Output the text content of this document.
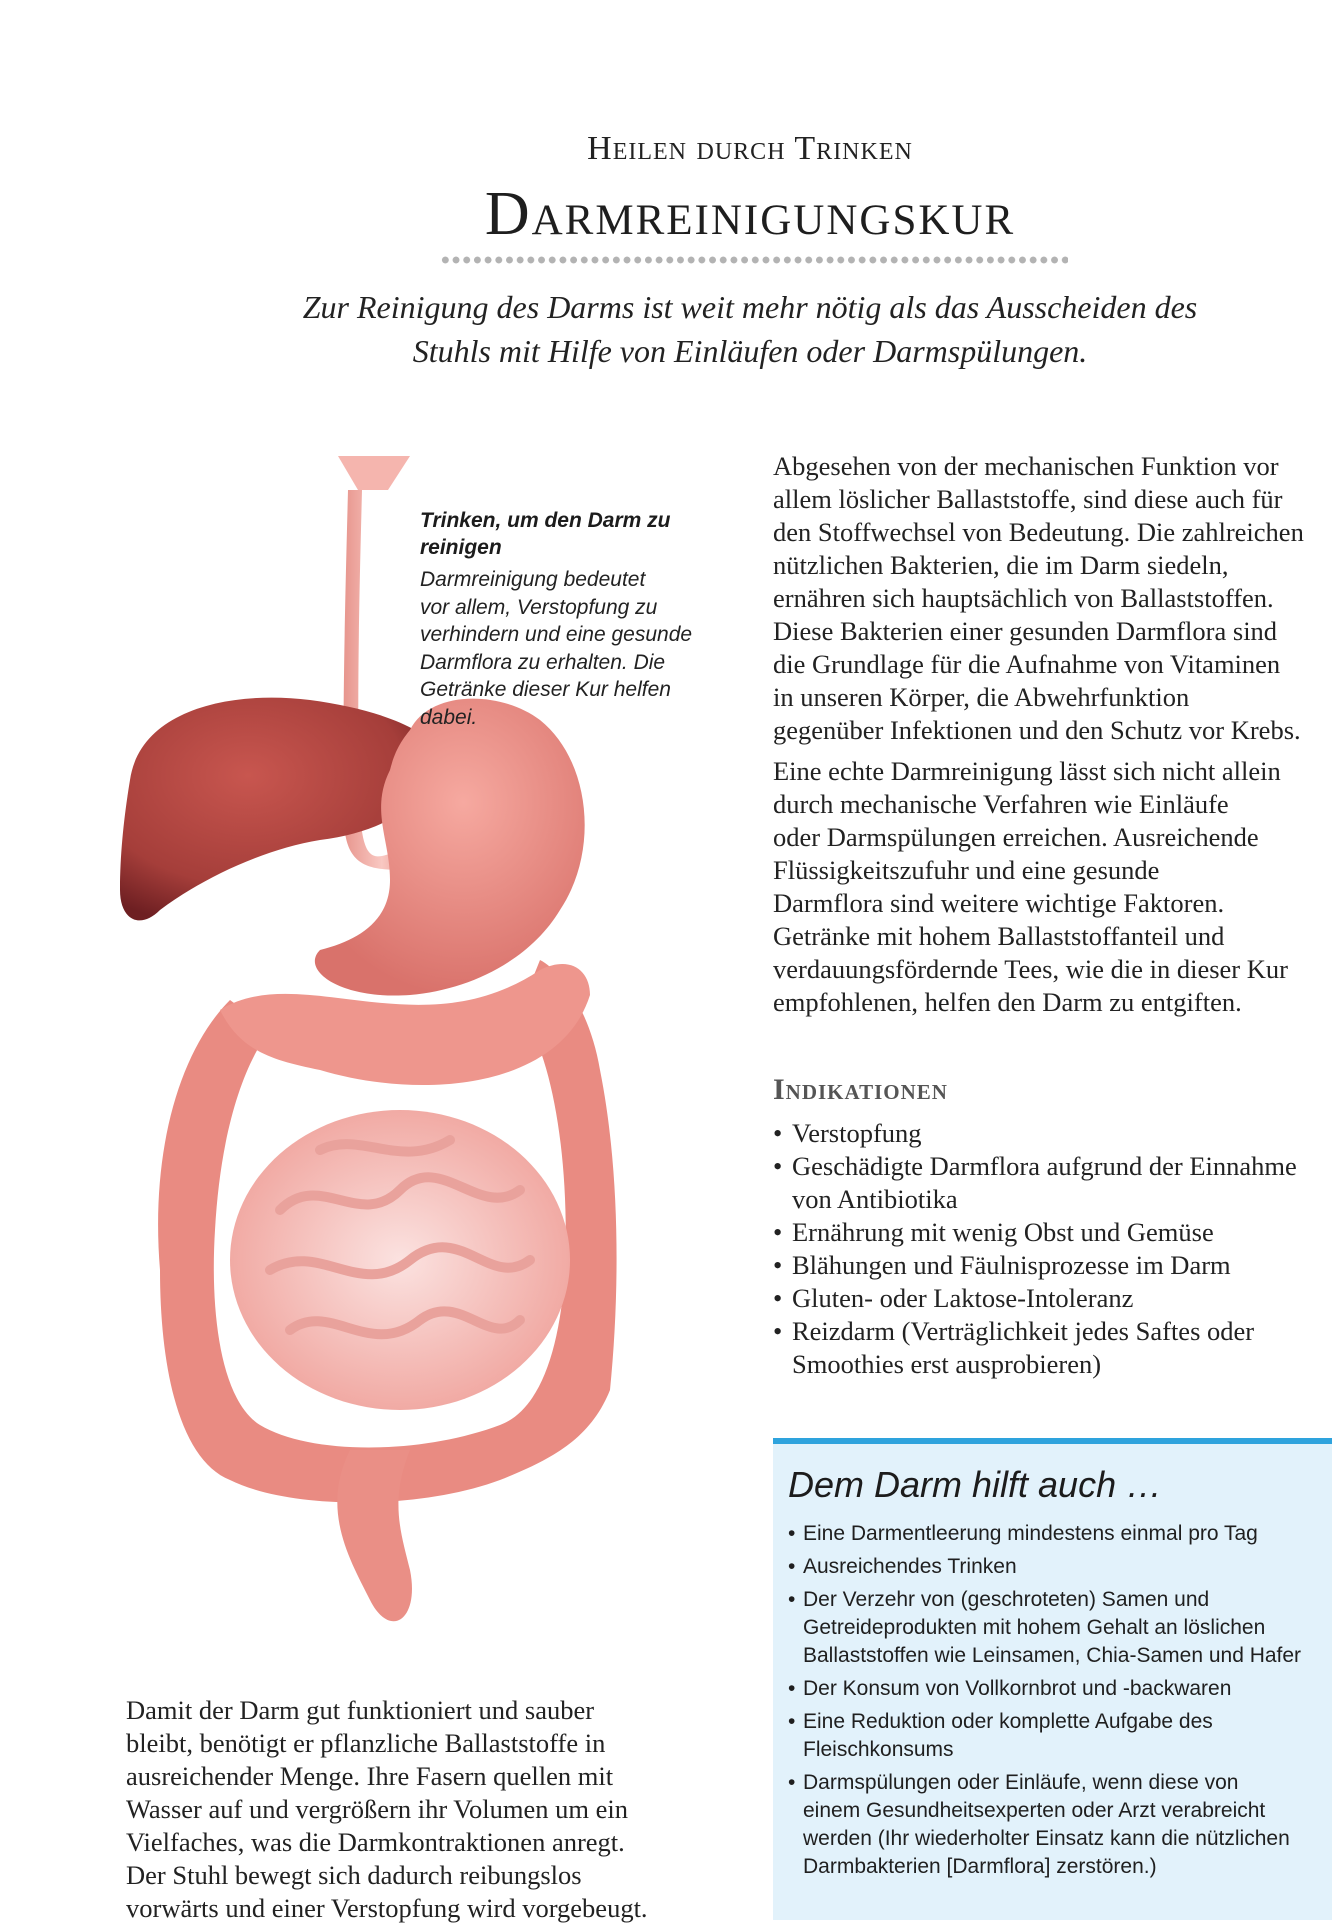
Heilen durch Trinken
Darmreinigungskur
Zur Reinigung des Darms ist weit mehr nötig als das Ausscheiden des
Stuhls mit Hilfe von Einläufen oder Darmspülungen.
Trinken, um den Darm zu
reinigen
Darmreinigung bedeutet
vor allem, Verstopfung zu
verhindern und eine gesunde
Darmflora zu erhalten. Die
Getränke dieser Kur helfen
dabei.

Abgesehen von der mechanischen Funktion vor
allem löslicher Ballaststoffe, sind diese auch für
den Stoffwechsel von Bedeutung. Die zahlreichen
nützlichen Bakterien, die im Darm siedeln,
ernähren sich hauptsächlich von Ballaststoffen.
Diese Bakterien einer gesunden Darmflora sind
die Grundlage für die Aufnahme von Vitaminen
in unseren Körper, die Abwehrfunktion
gegenüber Infektionen und den Schutz vor Krebs.

Eine echte Darmreinigung lässt sich nicht allein
durch mechanische Verfahren wie Einläufe
oder Darmspülungen erreichen. Ausreichende
Flüssigkeitszufuhr und eine gesunde
Darmflora sind weitere wichtige Faktoren.
Getränke mit hohem Ballaststoffanteil und
verdauungsfördernde Tees, wie die in dieser Kur
empfohlenen, helfen den Darm zu entgiften.

Indikationen
• Verstopfung
• Geschädigte Darmflora aufgrund der Einnahme
von Antibiotika
• Ernährung mit wenig Obst und Gemüse
• Blähungen und Fäulnisprozesse im Darm
• Gluten- oder Laktose-Intoleranz
• Reizdarm (Verträglichkeit jedes Saftes oder
Smoothies erst ausprobieren)
Damit der Darm gut funktioniert und sauber
bleibt, benötigt er pflanzliche Ballaststoffe in
ausreichender Menge. Ihre Fasern quellen mit
Wasser auf und vergrößern ihr Volumen um ein
Vielfaches, was die Darmkontraktionen anregt.
Der Stuhl bewegt sich dadurch reibungslos
vorwärts und einer Verstopfung wird vorgebeugt.
Dem Darm hilft auch …
• Eine Darmentleerung mindestens einmal pro Tag
• Ausreichendes Trinken
• Der Verzehr von (geschroteten) Samen und
Getreideprodukten mit hohem Gehalt an löslichen
Ballaststoffen wie Leinsamen, Chia-Samen und Hafer
• Der Konsum von Vollkornbrot und -backwaren
• Eine Reduktion oder komplette Aufgabe des
Fleischkonsums
• Darmspülungen oder Einläufe, wenn diese von
einem Gesundheitsexperten oder Arzt verabreicht
werden (Ihr wiederholter Einsatz kann die nützlichen
Darmbakterien [Darmflora] zerstören.)
